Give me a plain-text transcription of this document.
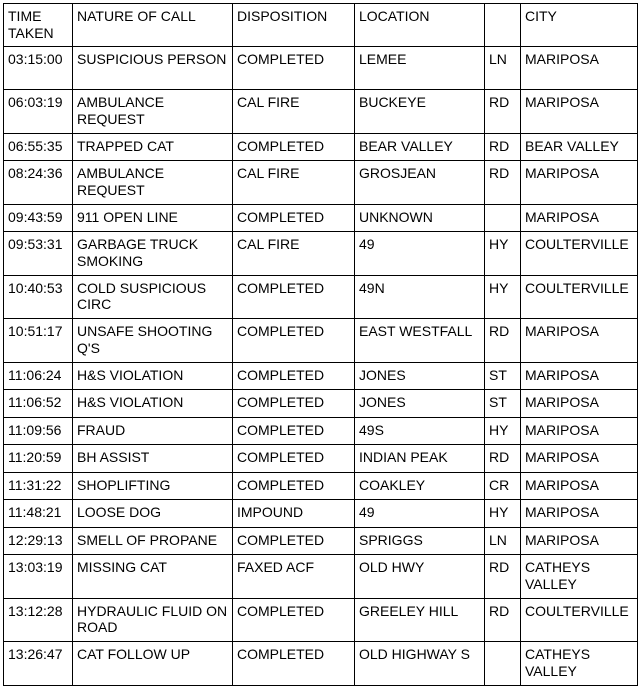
TIME TAKEN	NATURE OF CALL	DISPOSITION	LOCATION		CITY
03:15:00	SUSPICIOUS PERSON	COMPLETED	LEMEE	LN	MARIPOSA
06:03:19	AMBULANCE REQUEST	CAL FIRE	BUCKEYE	RD	MARIPOSA
06:55:35	TRAPPED CAT	COMPLETED	BEAR VALLEY	RD	BEAR VALLEY
08:24:36	AMBULANCE REQUEST	CAL FIRE	GROSJEAN	RD	MARIPOSA
09:43:59	911 OPEN LINE	COMPLETED	UNKNOWN		MARIPOSA
09:53:31	GARBAGE TRUCK SMOKING	CAL FIRE	49	HY	COULTERVILLE
10:40:53	COLD SUSPICIOUS CIRC	COMPLETED	49N	HY	COULTERVILLE
10:51:17	UNSAFE SHOOTING Q'S	COMPLETED	EAST WESTFALL	RD	MARIPOSA
11:06:24	H&S VIOLATION	COMPLETED	JONES	ST	MARIPOSA
11:06:52	H&S VIOLATION	COMPLETED	JONES	ST	MARIPOSA
11:09:56	FRAUD	COMPLETED	49S	HY	MARIPOSA
11:20:59	BH ASSIST	COMPLETED	INDIAN PEAK	RD	MARIPOSA
11:31:22	SHOPLIFTING	COMPLETED	COAKLEY	CR	MARIPOSA
11:48:21	LOOSE DOG	IMPOUND	49	HY	MARIPOSA
12:29:13	SMELL OF PROPANE	COMPLETED	SPRIGGS	LN	MARIPOSA
13:03:19	MISSING CAT	FAXED ACF	OLD HWY	RD	CATHEYS VALLEY
13:12:28	HYDRAULIC FLUID ON ROAD	COMPLETED	GREELEY HILL	RD	COULTERVILLE
13:26:47	CAT FOLLOW UP	COMPLETED	OLD HIGHWAY S		CATHEYS VALLEY
